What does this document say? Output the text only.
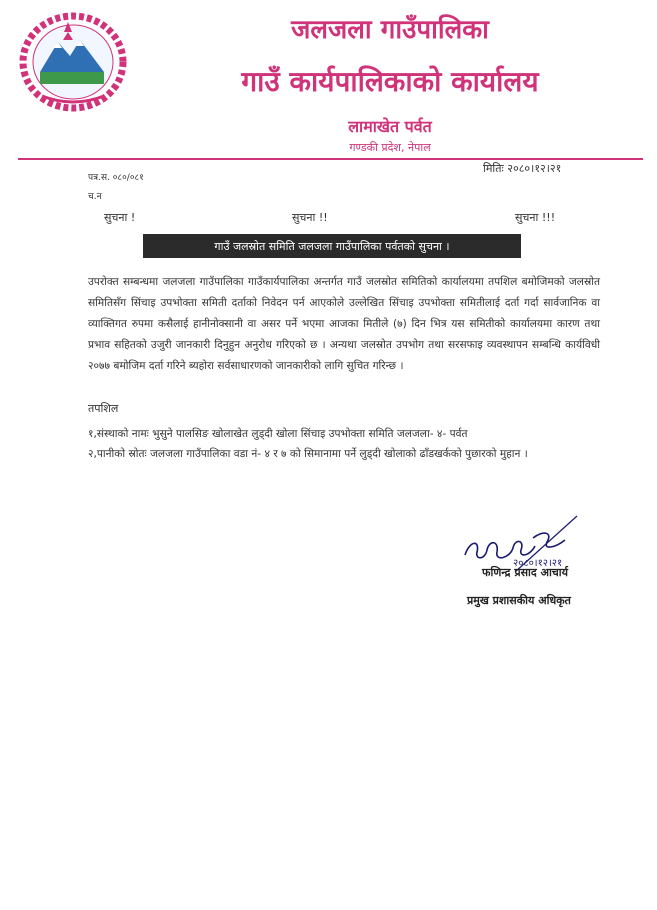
जलजला गाउँपालिका
गाउँ कार्यपालिकाको कार्यालय
लामाखेत पर्वत
गण्डकी प्रदेश, नेपाल
पत्र.स. ०८०/०८१
च.न
मितिः २०८०।१२।२१
सुचना !	सुचना !!	सुचना !!!
गाउँ जलस्रोत समिति जलजला गाउँपालिका पर्वतको सुचना ।
उपरोक्त सम्बन्धमा जलजला गाउँपालिका गाउँकार्यपालिका अन्तर्गत गाउँ जलस्रोत समितिको कार्यालयमा तपशिल बमोजिमको जलस्रोत समितिसँग सिंचाइ उपभोक्ता समिती दर्ताको निवेदन पर्न आएकोले उल्लेखित सिंचाइ उपभोक्ता समितीलाई दर्ता गर्दा सार्वजानिक वा व्याक्तिगत रुपमा कसैलाई हानीनोक्सानी वा असर पर्ने भएमा आजका मितीले (७) दिन भित्र यस समितीको कार्यालयमा कारण तथा प्रभाव सहितको उजुरी जानकारी दिनुहुन अनुरोध गरिएको छ । अन्यथा जलस्रोत उपभोग तथा सरसफाइ व्यवस्थापन सम्बन्धि कार्यविधी २०७७ बमोजिम दर्ता गरिने ब्यहोरा सर्वसाधारणको जानकारीको लागि सुचित गरिन्छ ।
तपशिल
१,संस्थाको नामः भुसुने पालसिङ खोलाखेत लुड्दी खोला सिंचाइ उपभोक्ता समिति जलजला- ४- पर्वत
२,पानीको स्रोतः जलजला गाउँपालिका वडा नं- ४ र ७ को सिमानामा पर्ने लुड्दी खोलाको ढाँडखर्कको पुछारको मुहान ।
२०८०।१२।२१
फणिन्द्र प्रसाद आचार्य
प्रमुख प्रशासकीय अधिकृत
